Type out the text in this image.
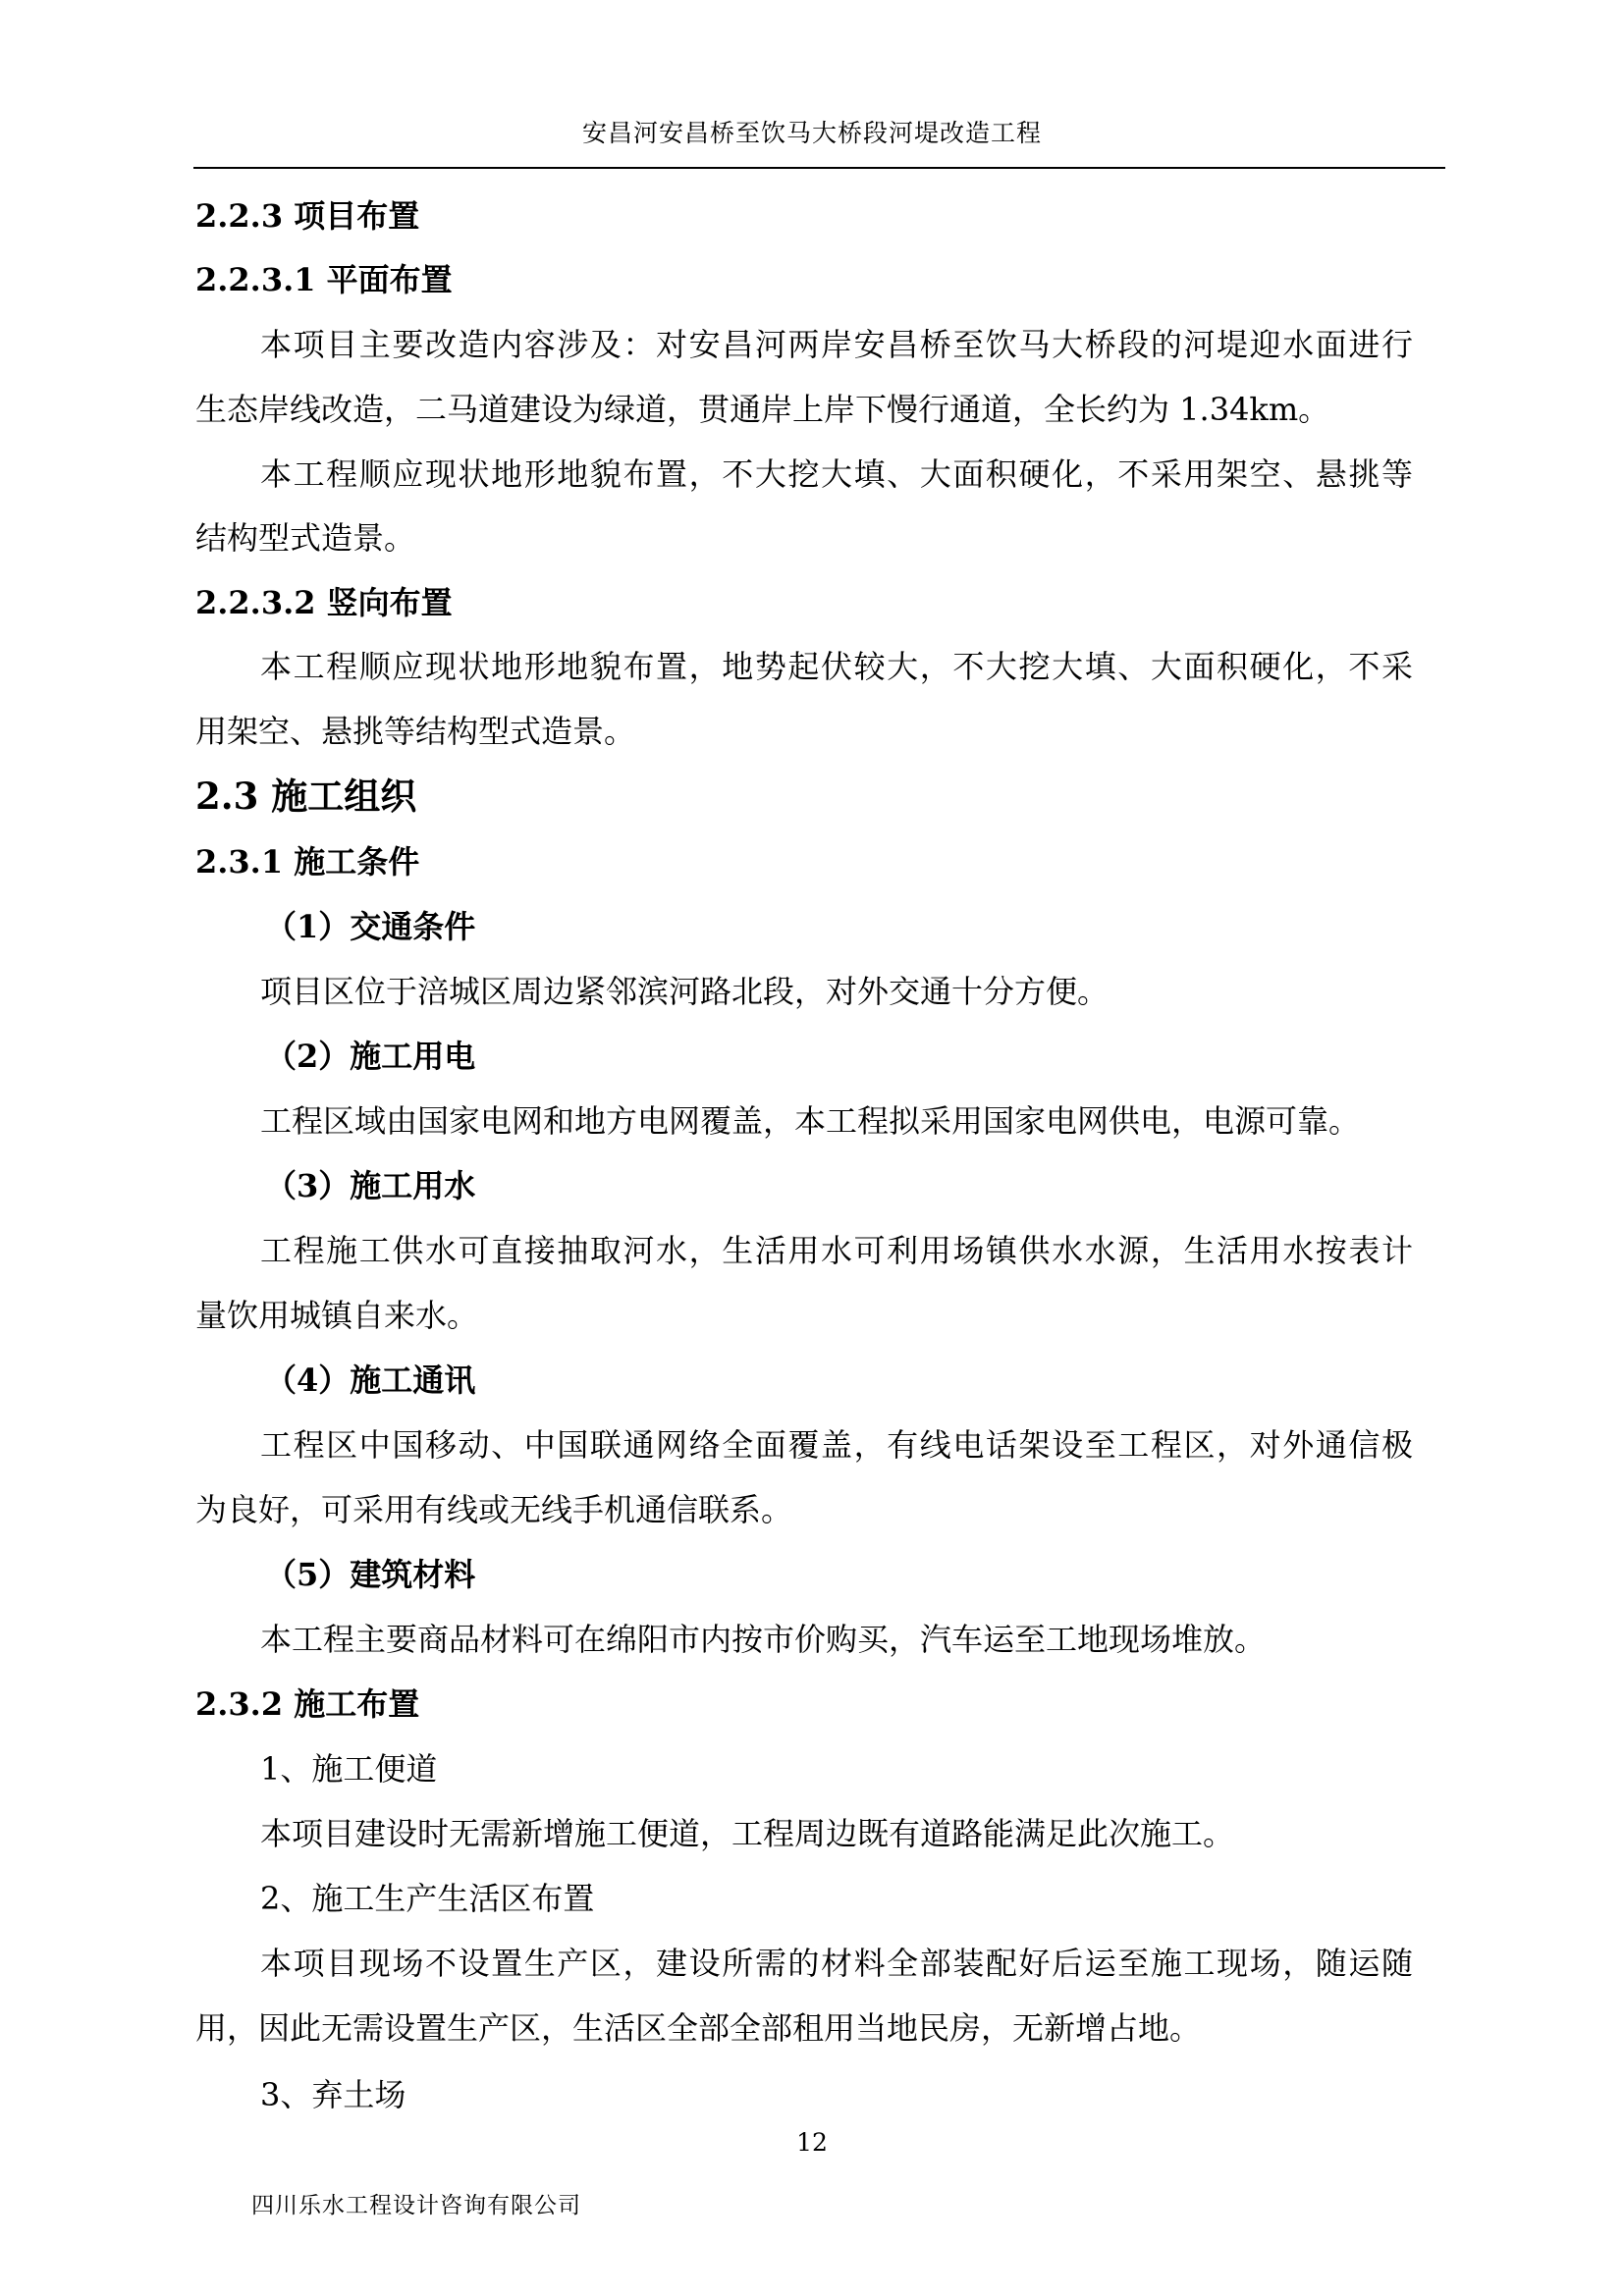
安昌河安昌桥至饮马大桥段河堤改造工程
2.2.3 项目布置
2.2.3.1 平面布置
本项目主要改造内容涉及：对安昌河两岸安昌桥至饮马大桥段的河堤迎水面进行
生态岸线改造，二马道建设为绿道，贯通岸上岸下慢行通道，全长约为 1.34km。
本工程顺应现状地形地貌布置，不大挖大填、大面积硬化，不采用架空、悬挑等
结构型式造景。
2.2.3.2 竖向布置
本工程顺应现状地形地貌布置，地势起伏较大，不大挖大填、大面积硬化，不采
用架空、悬挑等结构型式造景。
2.3 施工组织
2.3.1 施工条件
（1）交通条件
项目区位于涪城区周边紧邻滨河路北段，对外交通十分方便。
（2）施工用电
工程区域由国家电网和地方电网覆盖，本工程拟采用国家电网供电，电源可靠。
（3）施工用水
工程施工供水可直接抽取河水，生活用水可利用场镇供水水源，生活用水按表计
量饮用城镇自来水。
（4）施工通讯
工程区中国移动、中国联通网络全面覆盖，有线电话架设至工程区，对外通信极
为良好，可采用有线或无线手机通信联系。
（5）建筑材料
本工程主要商品材料可在绵阳市内按市价购买，汽车运至工地现场堆放。
2.3.2 施工布置
1、施工便道
本项目建设时无需新增施工便道，工程周边既有道路能满足此次施工。
2、施工生产生活区布置
本项目现场不设置生产区，建设所需的材料全部装配好后运至施工现场，随运随
用，因此无需设置生产区，生活区全部全部租用当地民房，无新增占地。
3、弃土场
12
四川乐水工程设计咨询有限公司
